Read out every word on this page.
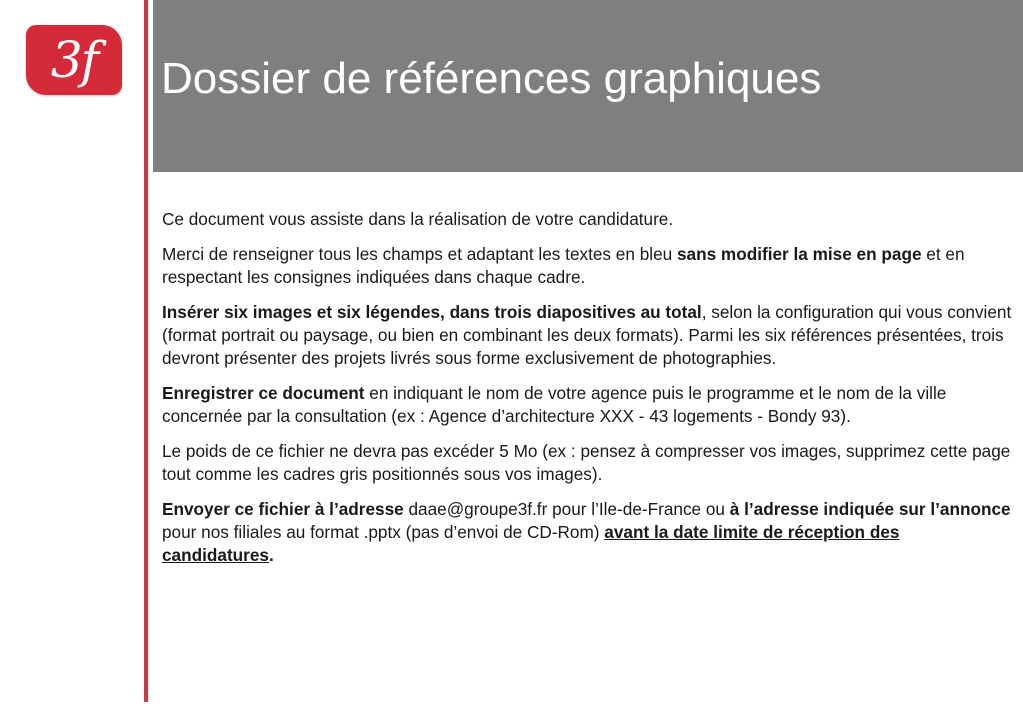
3f Dossier de références graphiques

Ce document vous assiste dans la réalisation de votre candidature.

Merci de renseigner tous les champs et adaptant les textes en bleu sans modifier la mise en page et en respectant les consignes indiquées dans chaque cadre.

Insérer six images et six légendes, dans trois diapositives au total, selon la configuration qui vous convient (format portrait ou paysage, ou bien en combinant les deux formats). Parmi les six références présentées, trois devront présenter des projets livrés sous forme exclusivement de photographies.

Enregistrer ce document en indiquant le nom de votre agence puis le programme et le nom de la ville concernée par la consultation (ex : Agence d’architecture XXX - 43 logements - Bondy 93).

Le poids de ce fichier ne devra pas excéder 5 Mo (ex : pensez à compresser vos images, supprimez cette page tout comme les cadres gris positionnés sous vos images).

Envoyer ce fichier à l’adresse daae@groupe3f.fr pour l’Ile-de-France ou à l’adresse indiquée sur l’annonce pour nos filiales au format .pptx (pas d’envoi de CD-Rom) avant la date limite de réception des candidatures.
